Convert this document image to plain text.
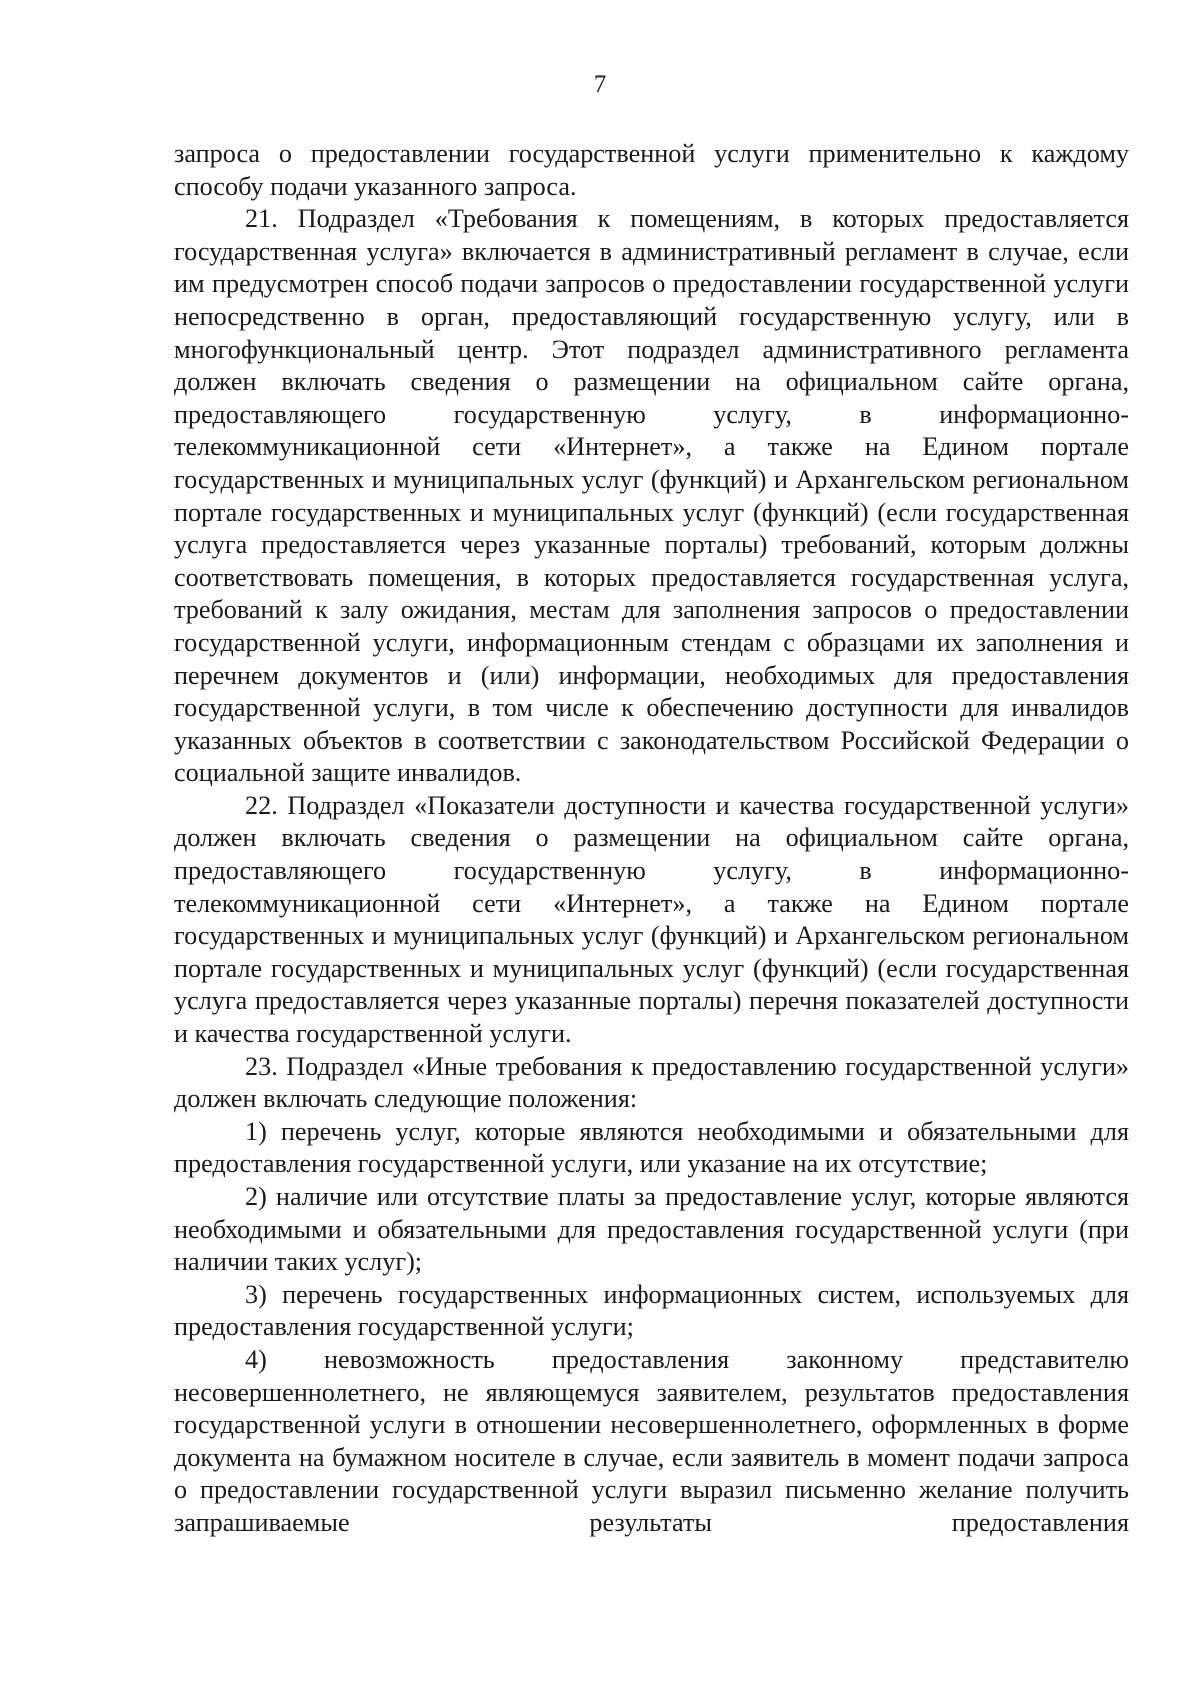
7

запроса о предоставлении государственной услуги применительно к каждому способу подачи указанного запроса.

21. Подраздел «Требования к помещениям, в которых предоставляется государственная услуга» включается в административный регламент в случае, если им предусмотрен способ подачи запросов о предоставлении государственной услуги непосредственно в орган, предоставляющий государственную услугу, или в многофункциональный центр. Этот подраздел административного регламента должен включать сведения о размещении на официальном сайте органа, предоставляющего государственную услугу, в информационно-телекоммуникационной сети «Интернет», а также на Едином портале государственных и муниципальных услуг (функций) и Архангельском региональном портале государственных и муниципальных услуг (функций) (если государственная услуга предоставляется через указанные порталы) требований, которым должны соответствовать помещения, в которых предоставляется государственная услуга, требований к залу ожидания, местам для заполнения запросов о предоставлении государственной услуги, информационным стендам с образцами их заполнения и перечнем документов и (или) информации, необходимых для предоставления государственной услуги, в том числе к обеспечению доступности для инвалидов указанных объектов в соответствии с законодательством Российской Федерации о социальной защите инвалидов.

22. Подраздел «Показатели доступности и качества государственной услуги» должен включать сведения о размещении на официальном сайте органа, предоставляющего государственную услугу, в информационно-телекоммуникационной сети «Интернет», а также на Едином портале государственных и муниципальных услуг (функций) и Архангельском региональном портале государственных и муниципальных услуг (функций) (если государственная услуга предоставляется через указанные порталы) перечня показателей доступности и качества государственной услуги.

23. Подраздел «Иные требования к предоставлению государственной услуги» должен включать следующие положения:

1) перечень услуг, которые являются необходимыми и обязательными для предоставления государственной услуги, или указание на их отсутствие;

2) наличие или отсутствие платы за предоставление услуг, которые являются необходимыми и обязательными для предоставления государственной услуги (при наличии таких услуг);

3) перечень государственных информационных систем, используемых для предоставления государственной услуги;

4) невозможность предоставления законному представителю несовершеннолетнего, не являющемуся заявителем, результатов предоставления государственной услуги в отношении несовершеннолетнего, оформленных в форме документа на бумажном носителе в случае, если заявитель в момент подачи запроса о предоставлении государственной услуги выразил письменно желание получить запрашиваемые результаты предоставления
